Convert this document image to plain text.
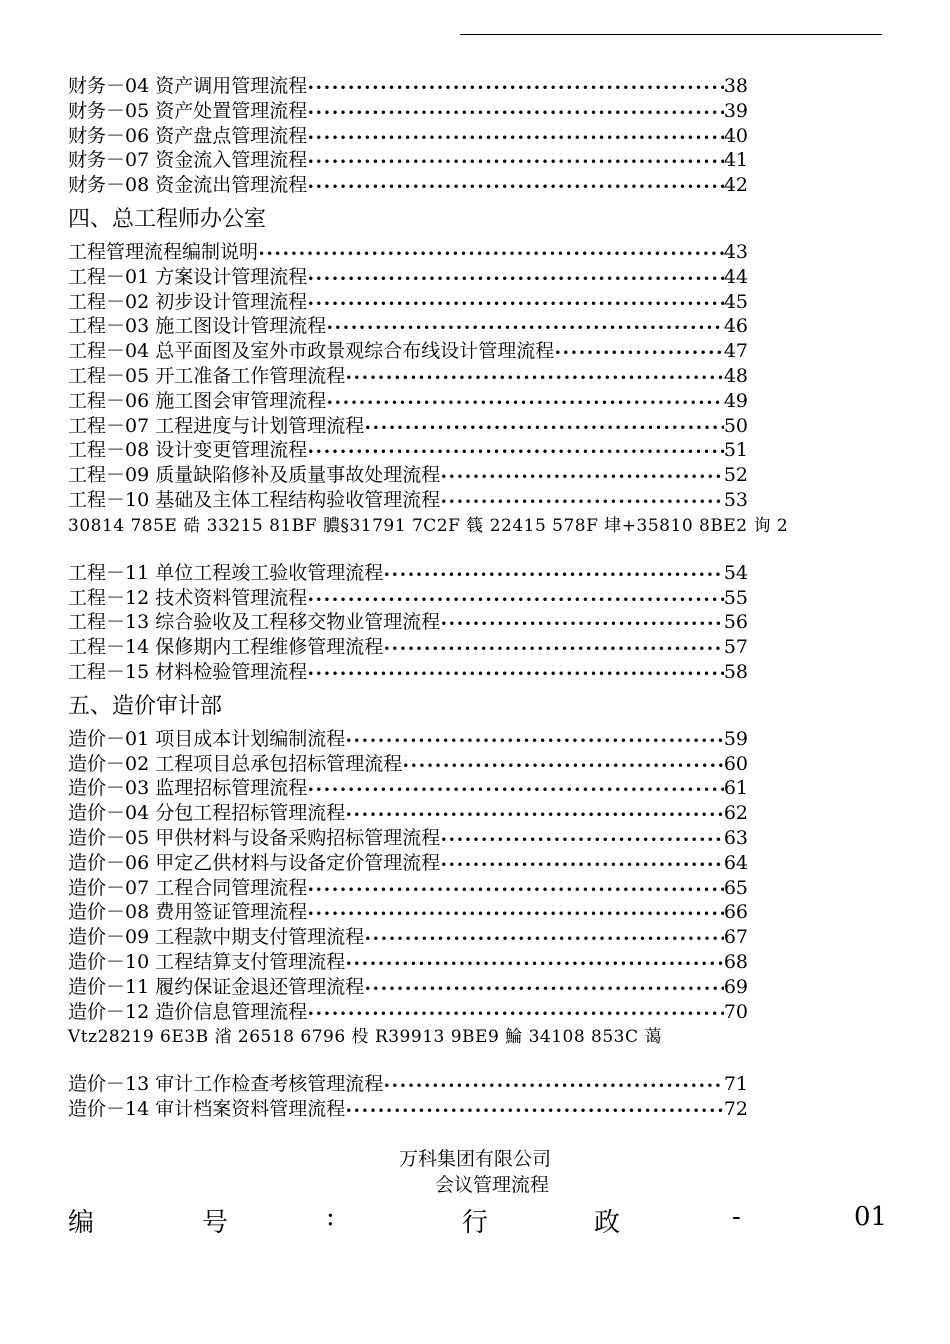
财务－04 资产调用管理流程 •••••	38
财务－05 资产处置管理流程 •••••	39
财务－06 资产盘点管理流程 •••••	40
财务－07 资金流入管理流程 •••••	41
财务－08 资金流出管理流程 •••••	42
四、总工程师办公室
工程管理流程编制说明 •••••	43
工程－01 方案设计管理流程 •••••	44
工程－02 初步设计管理流程 •••••	45
工程－03 施工图设计管理流程 •••••	46
工程－04 总平面图及室外市政景观综合布线设计管理流程 •••••	47
工程－05 开工准备工作管理流程 •••••	48
工程－06 施工图会审管理流程 •••••	49
工程－07 工程进度与计划管理流程 •••••	50
工程－08 设计变更管理流程 •••••	51
工程－09 质量缺陷修补及质量事故处理流程 •••••	52
工程－10 基础及主体工程结构验收管理流程 •••••	53
30814 785E 硞 33215 81BF 膿§31791 7C2F 篯 22415 578F 垏+35810 8BE2 询 2
工程－11 单位工程竣工验收管理流程 •••••	54
工程－12 技术资料管理流程 •••••	55
工程－13 综合验收及工程移交物业管理流程 •••••	56
工程－14 保修期内工程维修管理流程 •••••	57
工程－15 材料检验管理流程 •••••	58
五、造价审计部
造价－01 项目成本计划编制流程 •••••	59
造价－02 工程项目总承包招标管理流程 •••••	60
造价－03 监理招标管理流程 •••••	61
造价－04 分包工程招标管理流程 •••••	62
造价－05 甲供材料与设备采购招标管理流程 •••••	63
造价－06 甲定乙供材料与设备定价管理流程 •••••	64
造价－07 工程合同管理流程 •••••	65
造价－08 费用签证管理流程 •••••	66
造价－09 工程款中期支付管理流程 •••••	67
造价－10 工程结算支付管理流程 •••••	68
造价－11 履约保证金退还管理流程 •••••	69
造价－12 造价信息管理流程 •••••	70
Vtz28219 6E3B 渻 26518 6796 杸 R39913 9BE9 鯩 34108 853C 蔼
造价－13 审计工作检查考核管理流程 •••••	71
造价－14 审计档案资料管理流程 •••••	72
万科集团有限公司
会议管理流程
编	号	:	行	政	-	01
